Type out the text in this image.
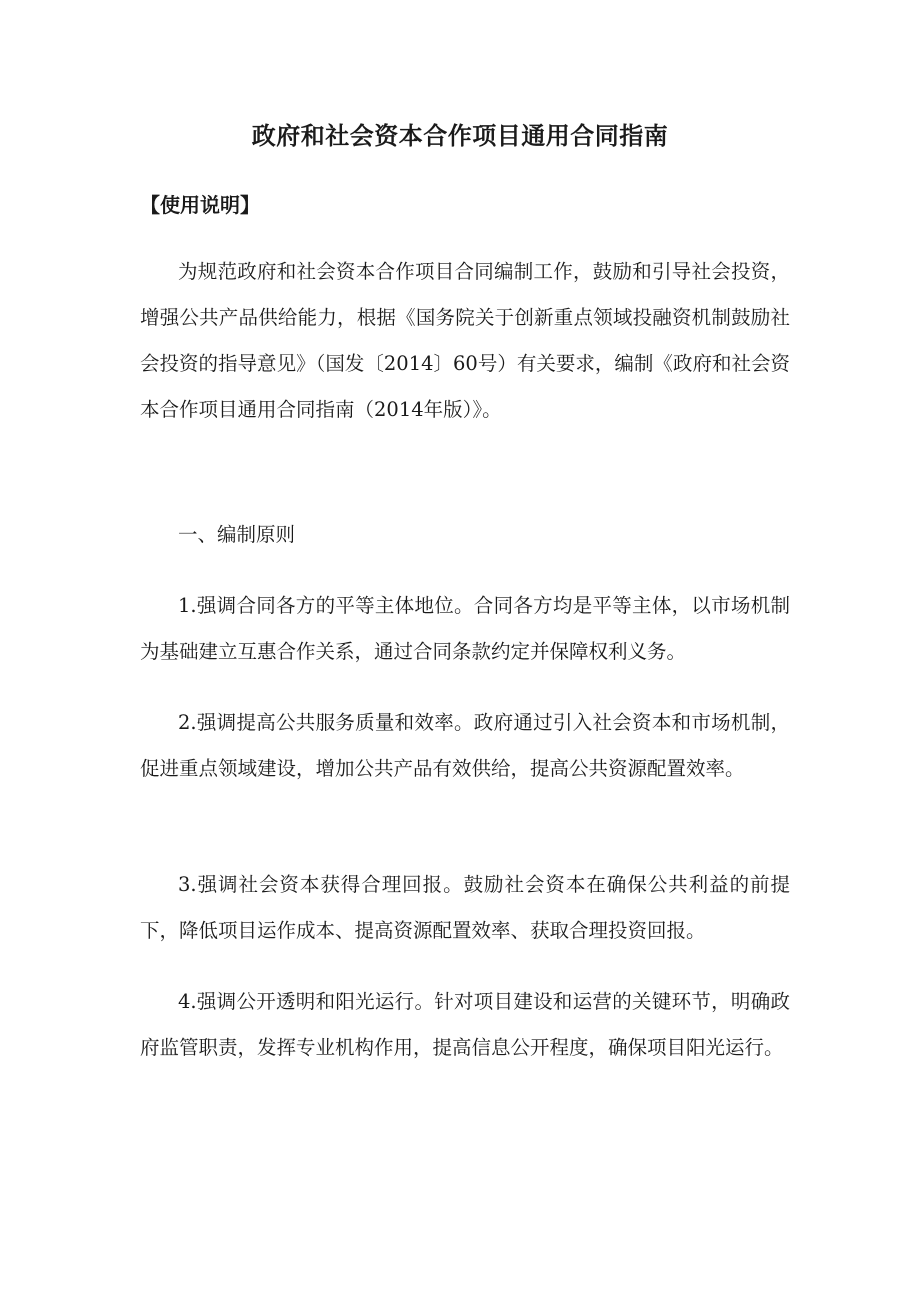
政府和社会资本合作项目通用合同指南
【使用说明】

为规范政府和社会资本合作项目合同编制工作，鼓励和引导社会投资，增强公共产品供给能力，根据《国务院关于创新重点领域投融资机制鼓励社会投资的指导意见》（国发〔2014〕60号）有关要求，编制《政府和社会资本合作项目通用合同指南（2014年版）》。

一、编制原则

1.强调合同各方的平等主体地位。合同各方均是平等主体，以市场机制为基础建立互惠合作关系，通过合同条款约定并保障权利义务。

2.强调提高公共服务质量和效率。政府通过引入社会资本和市场机制，促进重点领域建设，增加公共产品有效供给，提高公共资源配置效率。

3.强调社会资本获得合理回报。鼓励社会资本在确保公共利益的前提下，降低项目运作成本、提高资源配置效率、获取合理投资回报。

4.强调公开透明和阳光运行。针对项目建设和运营的关键环节，明确政府监管职责，发挥专业机构作用，提高信息公开程度，确保项目阳光运行。
